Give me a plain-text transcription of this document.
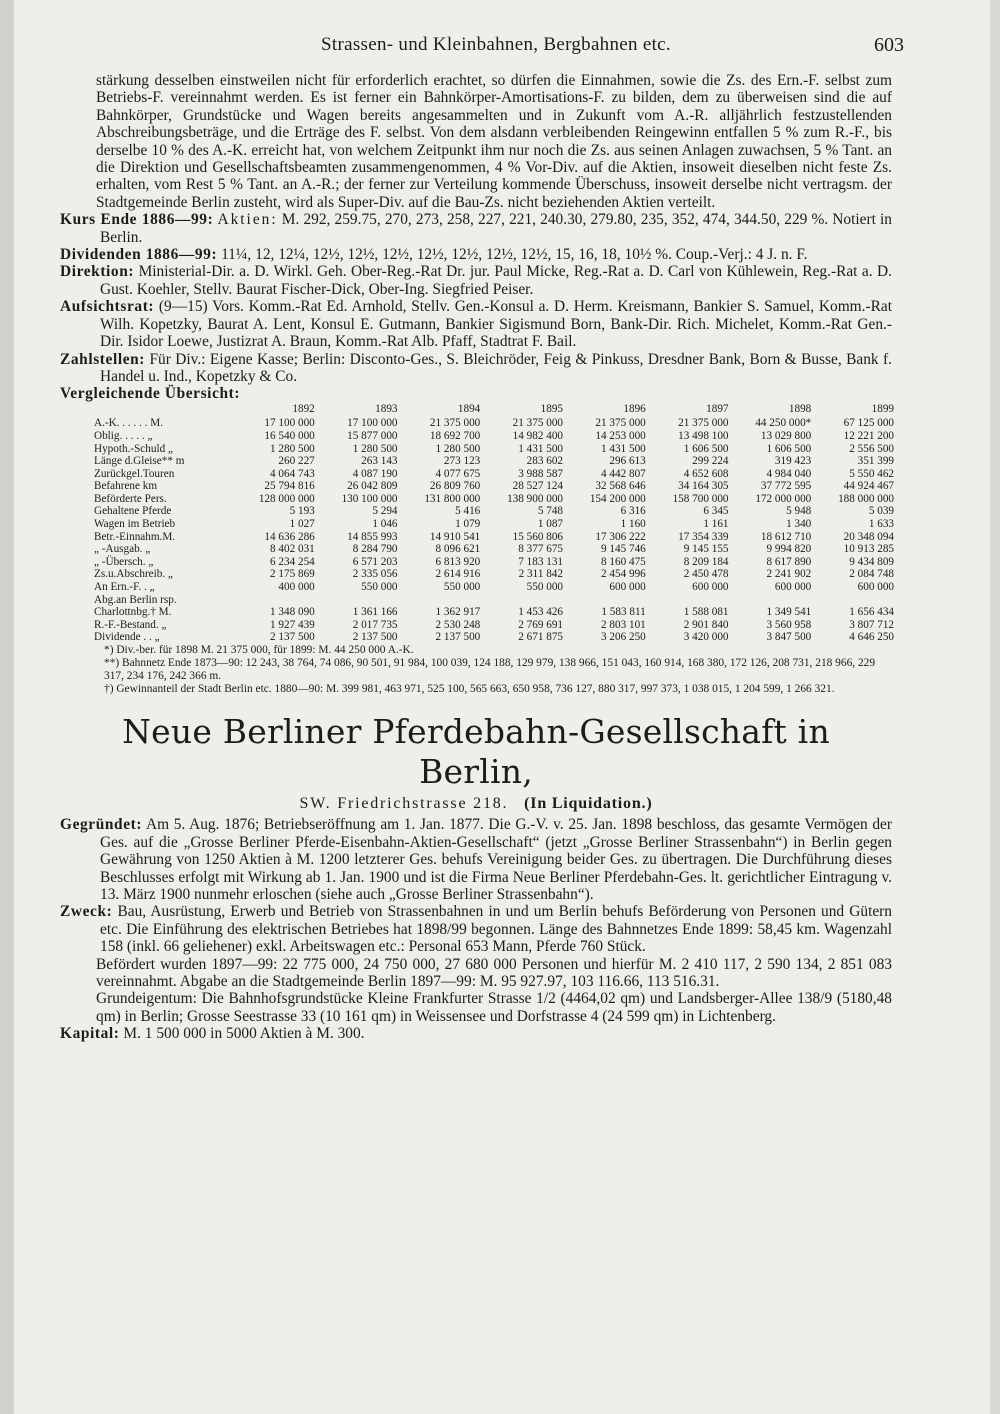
Strassen- und Kleinbahnen, Bergbahnen etc.	603

stärkung desselben einstweilen nicht für erforderlich erachtet, so dürfen die Einnahmen, sowie die Zs. des Ern.-F. selbst zum Betriebs-F. vereinnahmt werden. Es ist ferner ein Bahnkörper-Amortisations-F. zu bilden, dem zu überweisen sind die auf Bahnkörper, Grundstücke und Wagen bereits angesammelten und in Zukunft vom A.-R. alljährlich festzustellenden Abschreibungsbeträge, und die Erträge des F. selbst. Von dem alsdann verbleibenden Reingewinn entfallen 5 % zum R.-F., bis derselbe 10 % des A.-K. erreicht hat, von welchem Zeitpunkt ihm nur noch die Zs. aus seinen Anlagen zuwachsen, 5 % Tant. an die Direktion und Gesellschaftsbeamten zusammengenommen, 4 % Vor-Div. auf die Aktien, insoweit dieselben nicht feste Zs. erhalten, vom Rest 5 % Tant. an A.-R.; der ferner zur Verteilung kommende Überschuss, insoweit derselbe nicht vertragsm. der Stadtgemeinde Berlin zusteht, wird als Super-Div. auf die Bau-Zs. nicht beziehenden Aktien verteilt.

Kurs Ende 1886—99: Aktien: M. 292, 259.75, 270, 273, 258, 227, 221, 240.30, 279.80, 235, 352, 474, 344.50, 229 %. Notiert in Berlin.

Dividenden 1886—99: 11¼, 12, 12¼, 12½, 12½, 12½, 12½, 12½, 12½, 12½, 15, 16, 18, 10½ %. Coup.-Verj.: 4 J. n. F.

Direktion: Ministerial-Dir. a. D. Wirkl. Geh. Ober-Reg.-Rat Dr. jur. Paul Micke, Reg.-Rat a. D. Carl von Kühlewein, Reg.-Rat a. D. Gust. Koehler, Stellv. Baurat Fischer-Dick, Ober-Ing. Siegfried Peiser.

Aufsichtsrat: (9—15) Vors. Komm.-Rat Ed. Arnhold, Stellv. Gen.-Konsul a. D. Herm. Kreismann, Bankier S. Samuel, Komm.-Rat Wilh. Kopetzky, Baurat A. Lent, Konsul E. Gutmann, Bankier Sigismund Born, Bank-Dir. Rich. Michelet, Komm.-Rat Gen.-Dir. Isidor Loewe, Justizrat A. Braun, Komm.-Rat Alb. Pfaff, Stadtrat F. Bail.

Zahlstellen: Für Div.: Eigene Kasse; Berlin: Disconto-Ges., S. Bleichröder, Feig & Pinkuss, Dresdner Bank, Born & Busse, Bank f. Handel u. Ind., Kopetzky & Co.

Vergleichende Übersicht:

	1892	1893	1894	1895	1896	1897	1898	1899
A.-K. . . . . . M.	17 100 000	17 100 000	21 375 000	21 375 000	21 375 000	21 375 000	44 250 000*	67 125 000
Oblig. . . . . „	16 540 000	15 877 000	18 692 700	14 982 400	14 253 000	13 498 100	13 029 800	12 221 200
Hypoth.-Schuld „	1 280 500	1 280 500	1 280 500	1 431 500	1 431 500	1 606 500	1 606 500	2 556 500
Länge d.Gleise** m	260 227	263 143	273 123	283 602	296 613	299 224	319 423	351 399
Zurückgel.Touren	4 064 743	4 087 190	4 077 675	3 988 587	4 442 807	4 652 608	4 984 040	5 550 462
Befahrene km	25 794 816	26 042 809	26 809 760	28 527 124	32 568 646	34 164 305	37 772 595	44 924 467
Beförderte Pers.	128 000 000	130 100 000	131 800 000	138 900 000	154 200 000	158 700 000	172 000 000	188 000 000
Gehaltene Pferde	5 193	5 294	5 416	5 748	6 316	6 345	5 948	5 039
Wagen im Betrieb	1 027	1 046	1 079	1 087	1 160	1 161	1 340	1 633
Betr.-Einnahm.M.	14 636 286	14 855 993	14 910 541	15 560 806	17 306 222	17 354 339	18 612 710	20 348 094
„ -Ausgab. „	8 402 031	8 284 790	8 096 621	8 377 675	9 145 746	9 145 155	9 994 820	10 913 285
„ -Übersch. „	6 234 254	6 571 203	6 813 920	7 183 131	8 160 475	8 209 184	8 617 890	9 434 809
Zs.u.Abschreib. „	2 175 869	2 335 056	2 614 916	2 311 842	2 454 996	2 450 478	2 241 902	2 084 748
An Ern.-F. . „	400 000	550 000	550 000	550 000	600 000	600 000	600 000	600 000
Abg.an Berlin rsp.								
Charlottnbg.† M.	1 348 090	1 361 166	1 362 917	1 453 426	1 583 811	1 588 081	1 349 541	1 656 434
R.-F.-Bestand. „	1 927 439	2 017 735	2 530 248	2 769 691	2 803 101	2 901 840	3 560 958	3 807 712
Dividende . . „	2 137 500	2 137 500	2 137 500	2 671 875	3 206 250	3 420 000	3 847 500	4 646 250

*) Div.-ber. für 1898 M. 21 375 000, für 1899: M. 44 250 000 A.-K.

**) Bahnnetz Ende 1873—90: 12 243, 38 764, 74 086, 90 501, 91 984, 100 039, 124 188, 129 979, 138 966, 151 043, 160 914, 168 380, 172 126, 208 731, 218 966, 229 317, 234 176, 242 366 m.

†) Gewinnanteil der Stadt Berlin etc. 1880—90: M. 399 981, 463 971, 525 100, 565 663, 650 958, 736 127, 880 317, 997 373, 1 038 015, 1 204 599, 1 266 321.

Neue Berliner Pferdebahn-Gesellschaft in Berlin,
SW. Friedrichstrasse 218. (In Liquidation.)

Gegründet: Am 5. Aug. 1876; Betriebseröffnung am 1. Jan. 1877. Die G.-V. v. 25. Jan. 1898 beschloss, das gesamte Vermögen der Ges. auf die „Grosse Berliner Pferde-Eisenbahn-Aktien-Gesellschaft“ (jetzt „Grosse Berliner Strassenbahn“) in Berlin gegen Gewährung von 1250 Aktien à M. 1200 letzterer Ges. behufs Vereinigung beider Ges. zu übertragen. Die Durchführung dieses Beschlusses erfolgt mit Wirkung ab 1. Jan. 1900 und ist die Firma Neue Berliner Pferdebahn-Ges. lt. gerichtlicher Eintragung v. 13. März 1900 nunmehr erloschen (siehe auch „Grosse Berliner Strassenbahn“).

Zweck: Bau, Ausrüstung, Erwerb und Betrieb von Strassenbahnen in und um Berlin behufs Beförderung von Personen und Gütern etc. Die Einführung des elektrischen Betriebes hat 1898/99 begonnen. Länge des Bahnnetzes Ende 1899: 58,45 km. Wagenzahl 158 (inkl. 66 geliehener) exkl. Arbeitswagen etc.: Personal 653 Mann, Pferde 760 Stück.

Befördert wurden 1897—99: 22 775 000, 24 750 000, 27 680 000 Personen und hierfür M. 2 410 117, 2 590 134, 2 851 083 vereinnahmt. Abgabe an die Stadtgemeinde Berlin 1897—99: M. 95 927.97, 103 116.66, 113 516.31.

Grundeigentum: Die Bahnhofsgrundstücke Kleine Frankfurter Strasse 1/2 (4464,02 qm) und Landsberger-Allee 138/9 (5180,48 qm) in Berlin; Grosse Seestrasse 33 (10 161 qm) in Weissensee und Dorfstrasse 4 (24 599 qm) in Lichtenberg.

Kapital: M. 1 500 000 in 5000 Aktien à M. 300.
